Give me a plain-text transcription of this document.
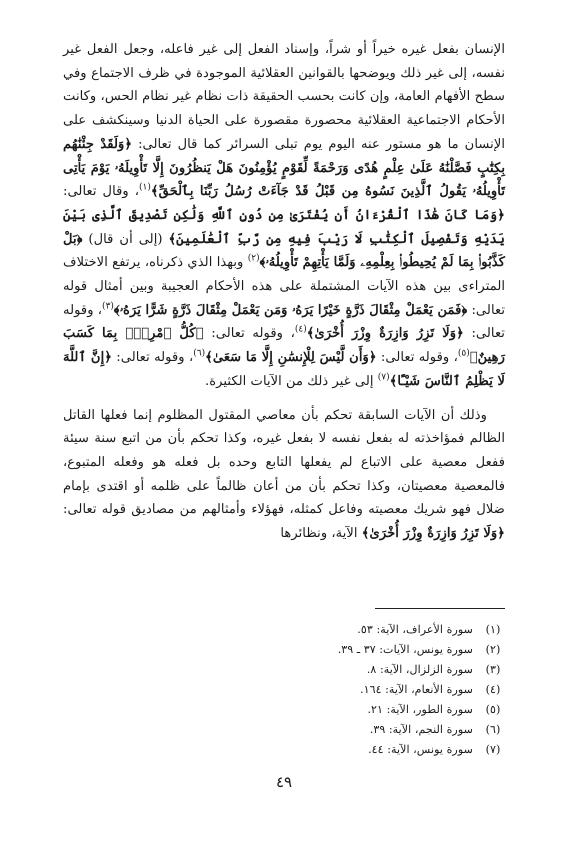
الإنسان بفعل غيره خيراً أو شراً، وإسناد الفعل إلى غير فاعله، وجعل الفعل غير نفسه، إلى غير ذلك ويوضحها بالقوانين العقلائية الموجودة في ظرف الاجتماع وفي سطح الأفهام العامة، وإن كانت بحسب الحقيقة ذات نظام غير نظام الحس، وكانت الأحكام الاجتماعية العقلائية محصورة مقصورة على الحياة الدنيا وسينكشف على الإنسان ما هو مستور عنه اليوم يوم تبلى السرائر كما قال تعالى: ﴿وَلَقَدْ جِئْنَٰهُم بِكِتَٰبٍ فَصَّلْنَٰهُ عَلَىٰ عِلْمٍ هُدًى وَرَحْمَةً لِّقَوْمٍ يُؤْمِنُونَ هَلْ يَنظُرُونَ إِلَّا تَأْوِيلَهُۥ يَوْمَ يَأْتِى تَأْوِيلُهُۥ يَقُولُ ٱلَّذِينَ نَسُوهُ مِن قَبْلُ قَدْ جَآءَتْ رُسُلُ رَبِّنَا بِٱلْحَقِّ﴾$^{(١)}$، وقال تعالى: ﴿وَمَا كَانَ هَٰذَا ٱلْقُرْءَانُ أَن يُفْتَرَىٰ مِن دُونِ ٱللَّهِ وَلَٰكِن تَصْدِيقَ ٱلَّذِى بَيْنَ يَدَيْهِ وَتَفْصِيلَ ٱلْكِتَٰبِ لَا رَيْبَ فِيهِ مِن رَّبِّ ٱلْعَٰلَمِينَ﴾ (إلى أن قال) ﴿بَلْ كَذَّبُوا۟ بِمَا لَمْ يُحِيطُوا۟ بِعِلْمِهِۦ وَلَمَّا يَأْتِهِمْ تَأْوِيلُهُۥ﴾$^{(٢)}$ وبهذا الذي ذكرناه، يرتفع الاختلاف المتراءى بين هذه الآيات المشتملة على هذه الأحكام العجيبة وبين أمثال قوله تعالى: ﴿فَمَن يَعْمَلْ مِثْقَالَ ذَرَّةٍ خَيْرًا يَرَهُۥ وَمَن يَعْمَلْ مِثْقَالَ ذَرَّةٍ شَرًّا يَرَهُۥ﴾$^{(٣)}$، وقوله تعالى: ﴿وَلَا تَزِرُ وَازِرَةٌ وِزْرَ أُخْرَىٰ﴾$^{(٤)}$، وقوله تعالى: ﴿كُلُّ ٱمْرِئٍۭ بِمَا كَسَبَ رَهِينٌ﴾$^{(٥)}$، وقوله تعالى: ﴿وَأَن لَّيْسَ لِلْإِنسَٰنِ إِلَّا مَا سَعَىٰ﴾$^{(٦)}$، وقوله تعالى: ﴿إِنَّ ٱللَّهَ لَا يَظْلِمُ ٱلنَّاسَ شَيْـًٔا﴾$^{(٧)}$ إلى غير ذلك من الآيات الكثيرة.

وذلك أن الآيات السابقة تحكم بأن معاصي المقتول المظلوم إنما فعلها القاتل الظالم فمؤاخذته له بفعل نفسه لا بفعل غيره، وكذا تحكم بأن من اتبع سنة سيئة ففعل معصية على الاتباع لم يفعلها التابع وحده بل فعله هو وفعله المتبوع، فالمعصية معصيتان، وكذا تحكم بأن من أعان ظالماً على ظلمه أو اقتدى بإمام ضلال فهو شريك معصيته وفاعل كمثله، فهؤلاء وأمثالهم من مصاديق قوله تعالى: ﴿وَلَا تَزِرُ وَازِرَةٌ وِزْرَ أُخْرَىٰ﴾ الآية، ونظائرها

(١)
سورة الأعراف، الآية: ٥٣.
(٢)
سورة يونس، الآيات: ٣٧ ـ ٣٩.
(٣)
سورة الزلزال، الآية: ٨.
(٤)
سورة الأنعام، الآية: ١٦٤.
(٥)
سورة الطور، الآية: ٢١.
(٦)
سورة النجم، الآية: ٣٩.
(٧)
سورة يونس، الآية: ٤٤.
٤٩
